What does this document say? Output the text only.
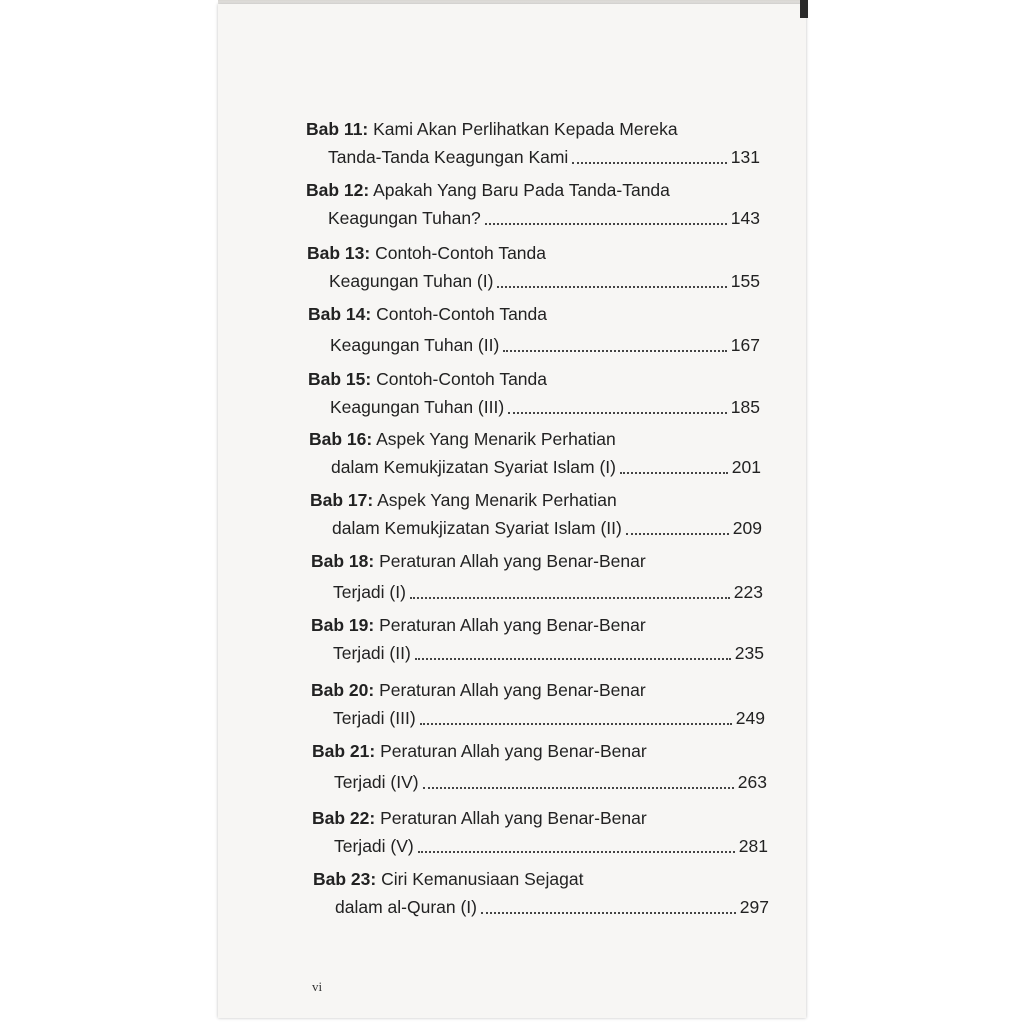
Bab 11: Kami Akan Perlihatkan Kepada Mereka
Tanda-Tanda Keagungan Kami	131
Bab 12: Apakah Yang Baru Pada Tanda-Tanda
Keagungan Tuhan?	143
Bab 13: Contoh-Contoh Tanda
Keagungan Tuhan (I)	155
Bab 14: Contoh-Contoh Tanda
Keagungan Tuhan (II)	167
Bab 15: Contoh-Contoh Tanda
Keagungan Tuhan (III)	185
Bab 16: Aspek Yang Menarik Perhatian
dalam Kemukjizatan Syariat Islam (I)	201
Bab 17: Aspek Yang Menarik Perhatian
dalam Kemukjizatan Syariat Islam (II)	209
Bab 18: Peraturan Allah yang Benar-Benar
Terjadi (I)	223
Bab 19: Peraturan Allah yang Benar-Benar
Terjadi (II)	235
Bab 20: Peraturan Allah yang Benar-Benar
Terjadi (III)	249
Bab 21: Peraturan Allah yang Benar-Benar
Terjadi (IV)	263
Bab 22: Peraturan Allah yang Benar-Benar
Terjadi (V)	281
Bab 23: Ciri Kemanusiaan Sejagat
dalam al-Quran (I)	297
vi
